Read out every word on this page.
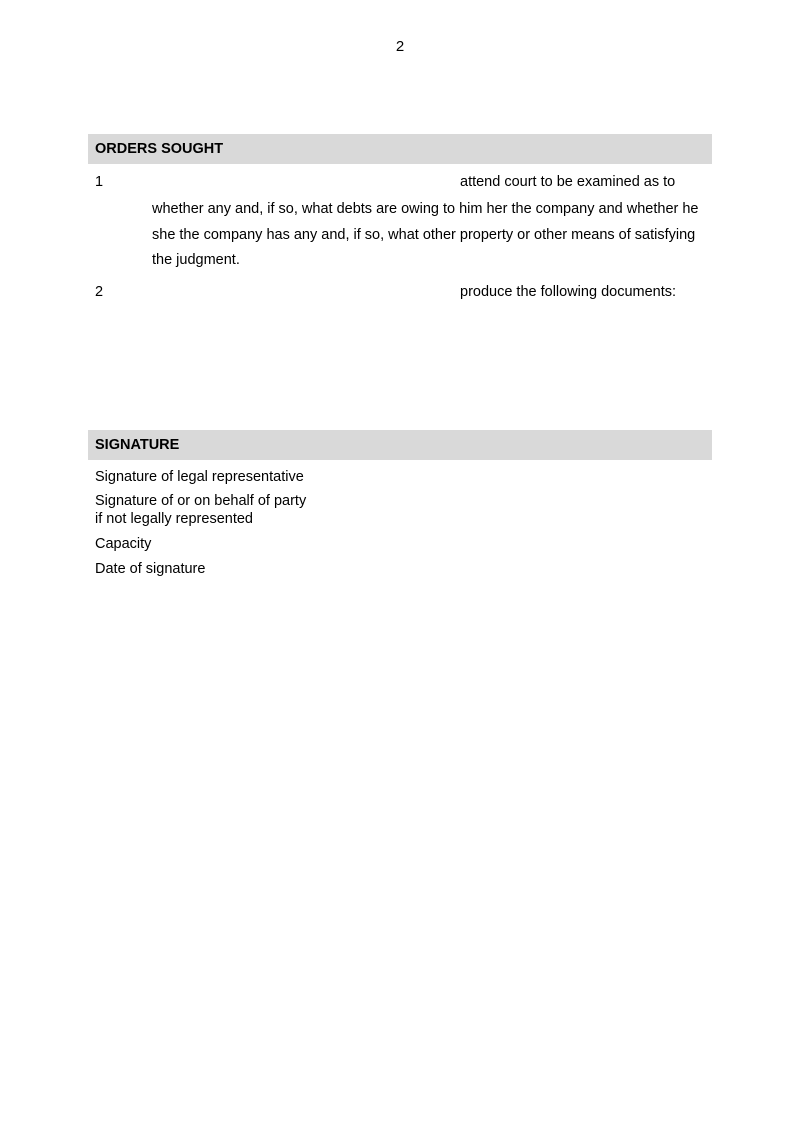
2
ORDERS SOUGHT
1	attend court to be examined as to
whether any and, if so, what debts are owing to him her the company and whether he she the company has any and, if so, what other property or other means of satisfying the judgment.
2	produce the following documents:
SIGNATURE
Signature of legal representative
Signature of or on behalf of party
if not legally represented
Capacity
Date of signature
